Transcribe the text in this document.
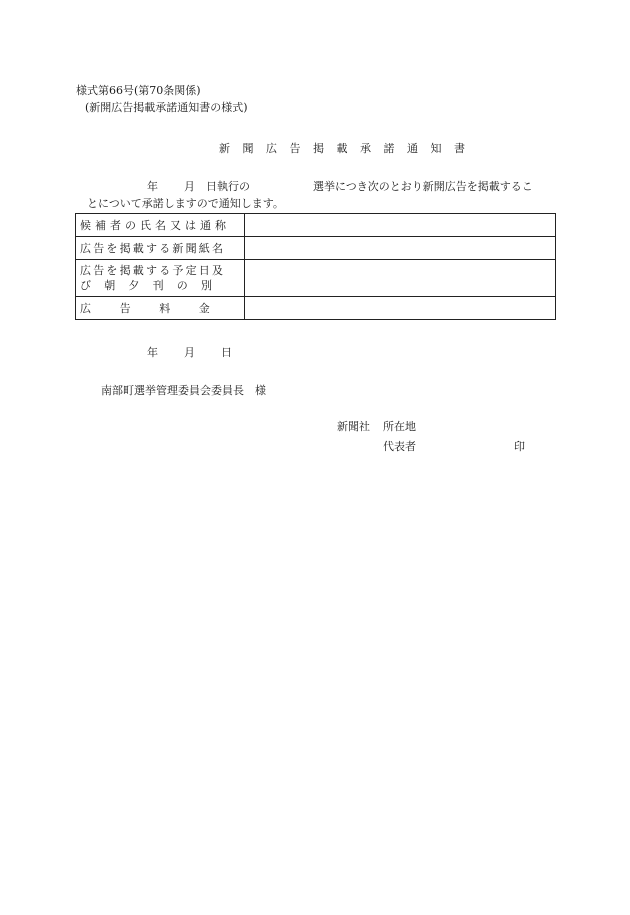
様式第66号(第70条関係)
(新開広告掲載承諾通知書の様式)
新 聞 広 告 掲 載 承 諾 通 知 書
年 月 日執行の	選挙につき次のとおり新開広告を掲載するこ
とについて承諾しますので通知します。
候補者の氏名又は通称	
広告を掲載する新聞紙名	

広告を掲載する予定日及
び　朝　夕　刊　の　別	

広　　告　　料　　金	
年 月 日
南部町選挙管理委員会委員長　様
新聞社 所在地
代表者	印
